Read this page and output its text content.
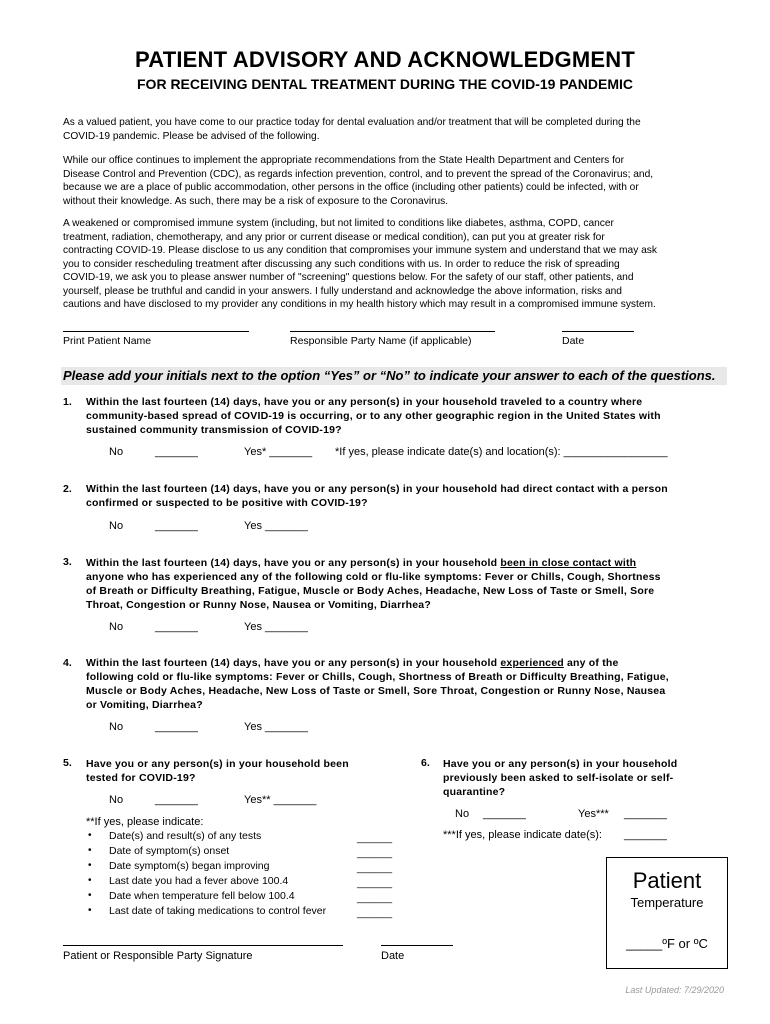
PATIENT ADVISORY AND ACKNOWLEDGMENT
FOR RECEIVING DENTAL TREATMENT DURING THE COVID-19 PANDEMIC
As a valued patient, you have come to our practice today for dental evaluation and/or treatment that will be completed during the
COVID-19 pandemic. Please be advised of the following.
While our office continues to implement the appropriate recommendations from the State Health Department and Centers for
Disease Control and Prevention (CDC), as regards infection prevention, control, and to prevent the spread of the Coronavirus; and,
because we are a place of public accommodation, other persons in the office (including other patients) could be infected, with or
without their knowledge. As such, there may be a risk of exposure to the Coronavirus.
A weakened or compromised immune system (including, but not limited to conditions like diabetes, asthma, COPD, cancer
treatment, radiation, chemotherapy, and any prior or current disease or medical condition), can put you at greater risk for
contracting COVID-19. Please disclose to us any condition that compromises your immune system and understand that we may ask
you to consider rescheduling treatment after discussing any such conditions with us. In order to reduce the risk of spreading
COVID-19, we ask you to please answer number of "screening" questions below. For the safety of our staff, other patients, and
yourself, please be truthful and candid in your answers. I fully understand and acknowledge the above information, risks and
cautions and have disclosed to my provider any conditions in my health history which may result in a compromised immune system.
Print Patient Name	Responsible Party Name (if applicable)	Date
Please add your initials next to the option “Yes” or “No” to indicate your answer to each of the questions.
1. Within the last fourteen (14) days, have you or any person(s) in your household traveled to a country where
community-based spread of COVID-19 is occurring, or to any other geographic region in the United States with
sustained community transmission of COVID-19?
No	_______	Yes* _______ *If yes, please indicate date(s) and location(s): _________________
2. Within the last fourteen (14) days, have you or any person(s) in your household had direct contact with a person
confirmed or suspected to be positive with COVID-19?
No	_______	Yes _______
3. Within the last fourteen (14) days, have you or any person(s) in your household been in close contact with
anyone who has experienced any of the following cold or flu-like symptoms: Fever or Chills, Cough, Shortness
of Breath or Difficulty Breathing, Fatigue, Muscle or Body Aches, Headache, New Loss of Taste or Smell, Sore
Throat, Congestion or Runny Nose, Nausea or Vomiting, Diarrhea?
No	_______	Yes _______
4. Within the last fourteen (14) days, have you or any person(s) in your household experienced any of the
following cold or flu-like symptoms: Fever or Chills, Cough, Shortness of Breath or Difficulty Breathing, Fatigue,
Muscle or Body Aches, Headache, New Loss of Taste or Smell, Sore Throat, Congestion or Runny Nose, Nausea
or Vomiting, Diarrhea?
No	_______	Yes _______
5. Have you or any person(s) in your household been
tested for COVID-19?
No	_______	Yes** _______
**If yes, please indicate:
• Date(s) and result(s) of any tests	______
• Date of symptom(s) onset	______
• Date symptom(s) began improving	______
• Last date you had a fever above 100.4	______
• Date when temperature fell below 100.4	______
• Last date of taking medications to control fever	______
6. Have you or any person(s) in your household
previously been asked to self-isolate or self-
quarantine?
No _______	Yes*** _______
***If yes, please indicate date(s): _______
Patient
Temperature
_____ºF or ºC
Patient or Responsible Party Signature	Date
Last Updated: 7/29/2020
